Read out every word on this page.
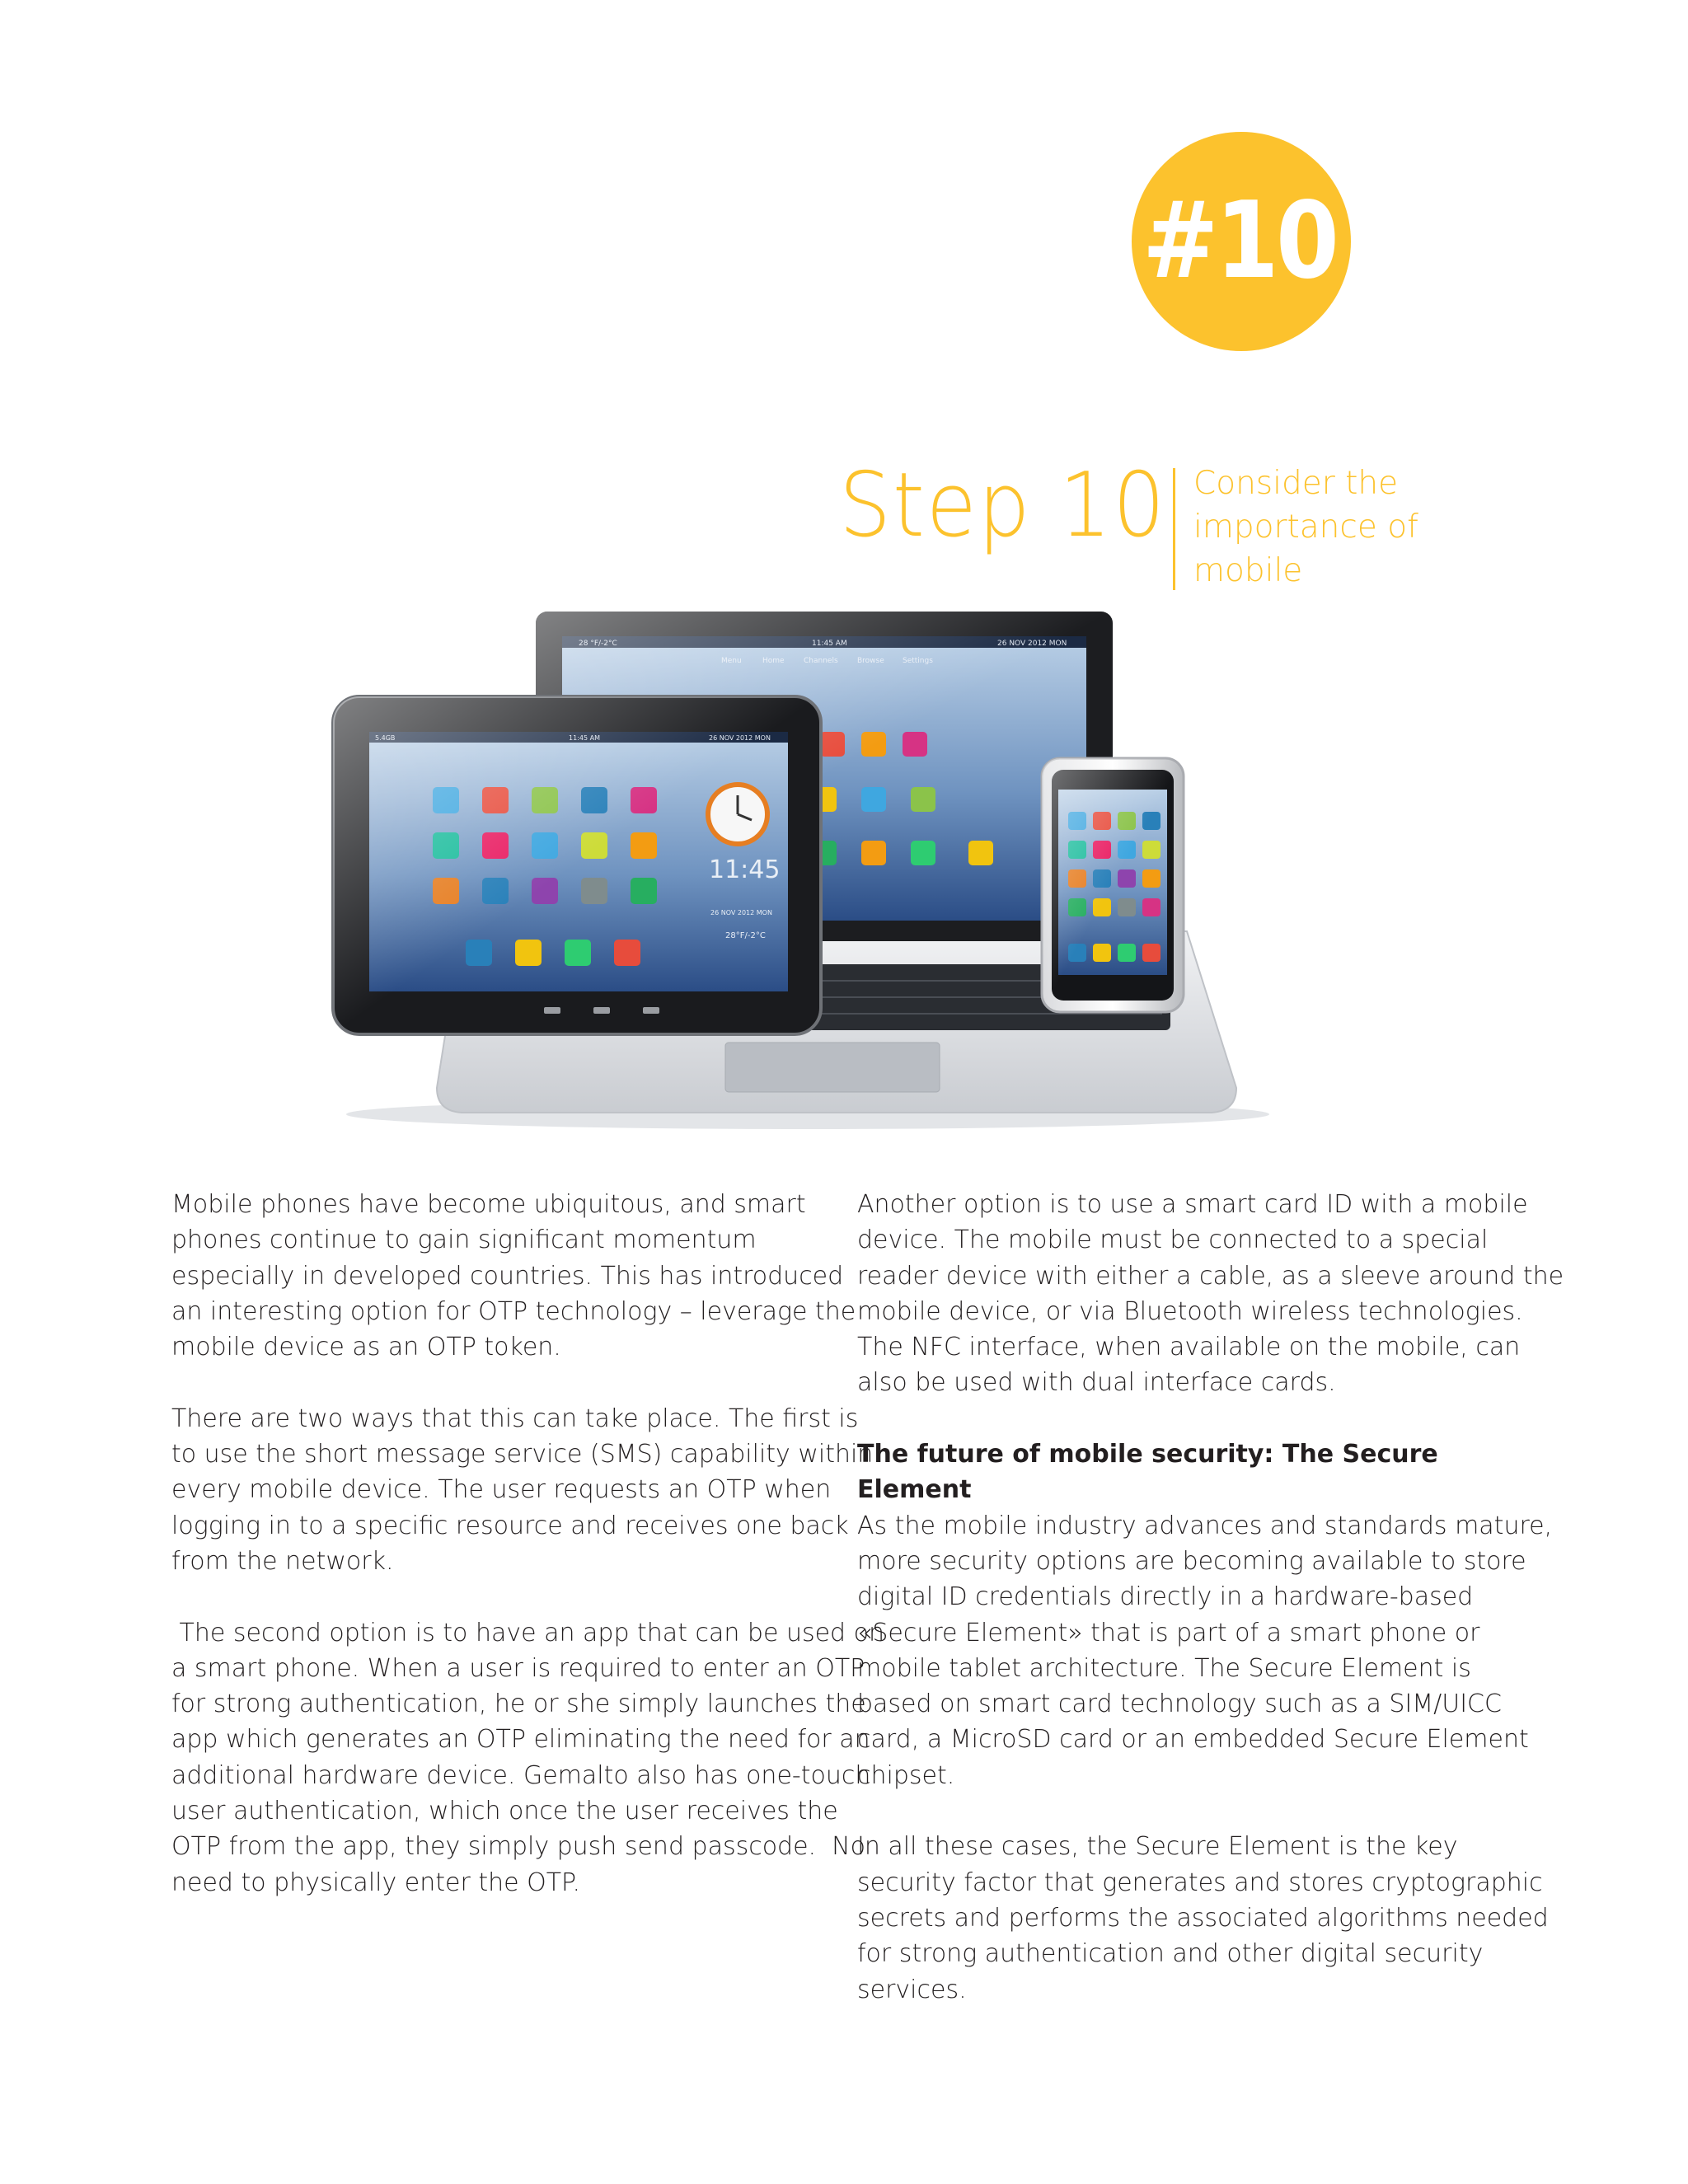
#10
Step 10 Consider the
importance of
mobile

Mobile phones have become ubiquitous, and smart
phones continue to gain significant momentum
especially in developed countries. This has introduced
an interesting option for OTP technology – leverage the
mobile device as an OTP token.

There are two ways that this can take place. The first is
to use the short message service (SMS) capability within
every mobile device. The user requests an OTP when
logging in to a specific resource and receives one back
from the network.

The second option is to have an app that can be used on
a smart phone. When a user is required to enter an OTP
for strong authentication, he or she simply launches the
app which generates an OTP eliminating the need for an
additional hardware device. Gemalto also has one-touch
user authentication, which once the user receives the
OTP from the app, they simply push send passcode.  No
need to physically enter the OTP.

Another option is to use a smart card ID with a mobile
device. The mobile must be connected to a special
reader device with either a cable, as a sleeve around the
mobile device, or via Bluetooth wireless technologies.
The NFC interface, when available on the mobile, can
also be used with dual interface cards.

The future of mobile security: The Secure Element

As the mobile industry advances and standards mature,
more security options are becoming available to store
digital ID credentials directly in a hardware-based
«Secure Element» that is part of a smart phone or
mobile tablet architecture. The Secure Element is
based on smart card technology such as a SIM/UICC
card, a MicroSD card or an embedded Secure Element
chipset.

In all these cases, the Secure Element is the key
security factor that generates and stores cryptographic
secrets and performs the associated algorithms needed
for strong authentication and other digital security
services.
